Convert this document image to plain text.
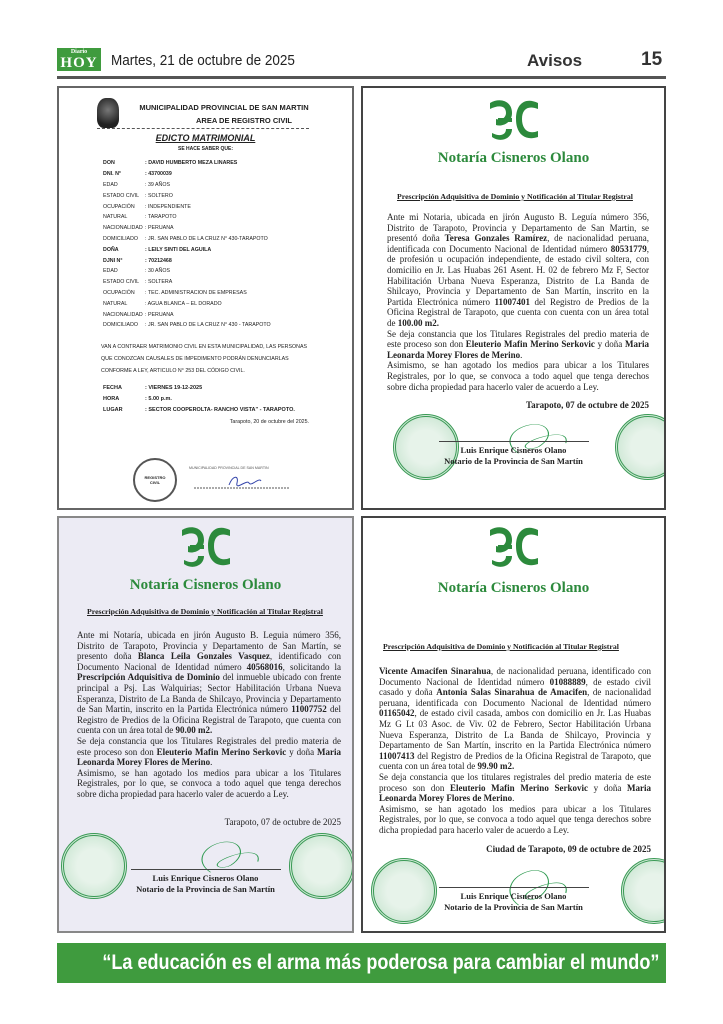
Diario
HOY Martes, 21 de octubre de 2025	Avisos	15
MUNICIPALIDAD PROVINCIAL DE SAN MARTIN
AREA DE REGISTRO CIVIL
EDICTO MATRIMONIAL
SE HACE SABER QUE:
DON	: DAVID HUMBERTO MEZA LINARES
DNI. N°	: 43700039
EDAD	: 39 AÑOS
ESTADO CIVIL	: SOLTERO
OCUPACIÓN	: INDEPENDIENTE
NATURAL	: TARAPOTO
NACIONALIDAD : PERUANA
DOMICILIADO	: JR. SAN PABLO DE LA CRUZ N° 430-TARAPOTO
DOÑA	: LEILY SINTI DEL AGUILA
DJNI N°	: 70212468
EDAD	: 30 AÑOS
ESTADO CIVIL	: SOLTERA
OCUPACIÓN	: TEC. ADMINISTRACION DE EMPRESAS
NATURAL	: AGUA BLANCA – EL DORADO
NACIONALIDAD : PERUANA
DOMICILIADO	: JR. SAN PABLO DE LA CRUZ N° 430 - TARAPOTO
VAN A CONTRAER MATRIMONIO CIVIL EN ESTA MUNICIPALIDAD, LAS PERSONAS QUE CONOZCAN CAUSALES DE IMPEDIMENTO PODRÁN DENUNCIARLAS CONFORME A LEY, ARTICULO N° 253 DEL CÓDIGO CIVIL.
FECHA	: VIERNES 19-12-2025
HORA	: 5.00 p.m.
LUGAR	: SECTOR COOPEROLTA- RANCHO VISTA" - TARAPOTO.
Tarapoto, 20 de octubre del 2025.
REGISTRO CIVIL
MUNICIPALIDAD PROVINCIAL DE SAN MARTIN
Notaría Cisneros Olano
Prescripción Adquisitiva de Dominio y Notificación al Titular Registral

Ante mi Notaria, ubicada en jirón Augusto B. Leguía número 356, Distrito de Tarapoto, Provincia y Departamento de San Martin, se presentó doña Teresa Gonzales Ramírez, de nacionalidad peruana, identificada con Documento Nacional de Identidad número 80531779, de profesión u ocupación independiente, de estado civil soltera, con domicilio en Jr. Las Huabas 261 Asent. H. 02 de febrero Mz F, Sector Habilitación Urbana Nueva Esperanza, Distrito de La Banda de Shilcayo, Provincia y Departamento de San Martín, inscrito en la Partida Electrónica número 11007401 del Registro de Predios de la Oficina Registral de Tarapoto, que cuenta con cuenta con un área total de 100.00 m2.

Se deja constancia que los Titulares Registrales del predio materia de este proceso son don Eleuterio Mafin Merino Serkovic y doña Maria Leonarda Morey Flores de Merino.

Asimismo, se han agotado los medios para ubicar a los Titulares Registrales, por lo que, se convoca a todo aquel que tenga derechos sobre dicha propiedad para hacerlo valer de acuerdo a Ley.

Tarapoto, 07 de octubre de 2025
Luis Enrique Cisneros Olano
Notario de la Provincia de San Martín
Notaría Cisneros Olano
Prescripción Adquisitiva de Dominio y Notificación al Titular Registral

Ante mi Notaría, ubicada en jirón Augusto B. Leguia número 356, Distrito de Tarapoto, Provincia y Departamento de San Martín, se presento doña Blanca Leila Gonzales Vasquez, identificado con Documento Nacional de Identidad número 40568016, solicitando la Prescripción Adquisitiva de Dominio del inmueble ubicado con frente principal a Psj. Las Walquirias; Sector Habilitación Urbana Nueva Esperanza, Distrito de La Banda de Shilcayo, Provincia y Departamento de San Martin, inscrito en la Partida Electrónica número 11007752 del Registro de Predios de la Oficina Registral de Tarapoto, que cuenta con cuenta con un área total de 90.00 m2.

Se deja constancia que los Titulares Registrales del predio materia de este proceso son don Eleuterio Mafin Merino Serkovic y doña Maria Leonarda Morey Flores de Merino.

Asimismo, se han agotado los medios para ubicar a los Titulares Registrales, por lo que, se convoca a todo aquel que tenga derechos sobre dicha propiedad para hacerlo valer de acuerdo a Ley.

Tarapoto, 07 de octubre de 2025
Luis Enrique Cisneros Olano
Notario de la Provincia de San Martín
Notaría Cisneros Olano
Prescripción Adquisitiva de Dominio y Notificación al Titular Registral

Vicente Amacifen Sinarahua, de nacionalidad peruana, identificado con Documento Nacional de Identidad número 01088889, de estado civil casado y doña Antonia Salas Sinarahua de Amacifen, de nacionalidad peruana, identificada con Documento Nacional de Identidad número 01165042, de estado civil casada, ambos con domicilio en Jr. Las Huabas Mz G Lt 03 Asoc. de Viv. 02 de Febrero, Sector Habilitación Urbana Nueva Esperanza, Distrito de La Banda de Shilcayo, Provincia y Departamento de San Martín, inscrito en la Partida Electrónica número 11007413 del Registro de Predios de la Oficina Registral de Tarapoto, que cuenta con un área total de 99.90 m2.

Se deja constancia que los titulares registrales del predio materia de este proceso son don Eleuterio Mafin Merino Serkovic y doña Maria Leonarda Morey Flores de Merino.

Asimismo, se han agotado los medios para ubicar a los Titulares Registrales, por lo que, se convoca a todo aquel que tenga derechos sobre dicha propiedad para hacerlo valer de acuerdo a Ley.

Ciudad de Tarapoto, 09 de octubre de 2025
Luis Enrique Cisneros Olano
Notario de la Provincia de San Martín
“La educación es el arma más poderosa para cambiar el mundo”
